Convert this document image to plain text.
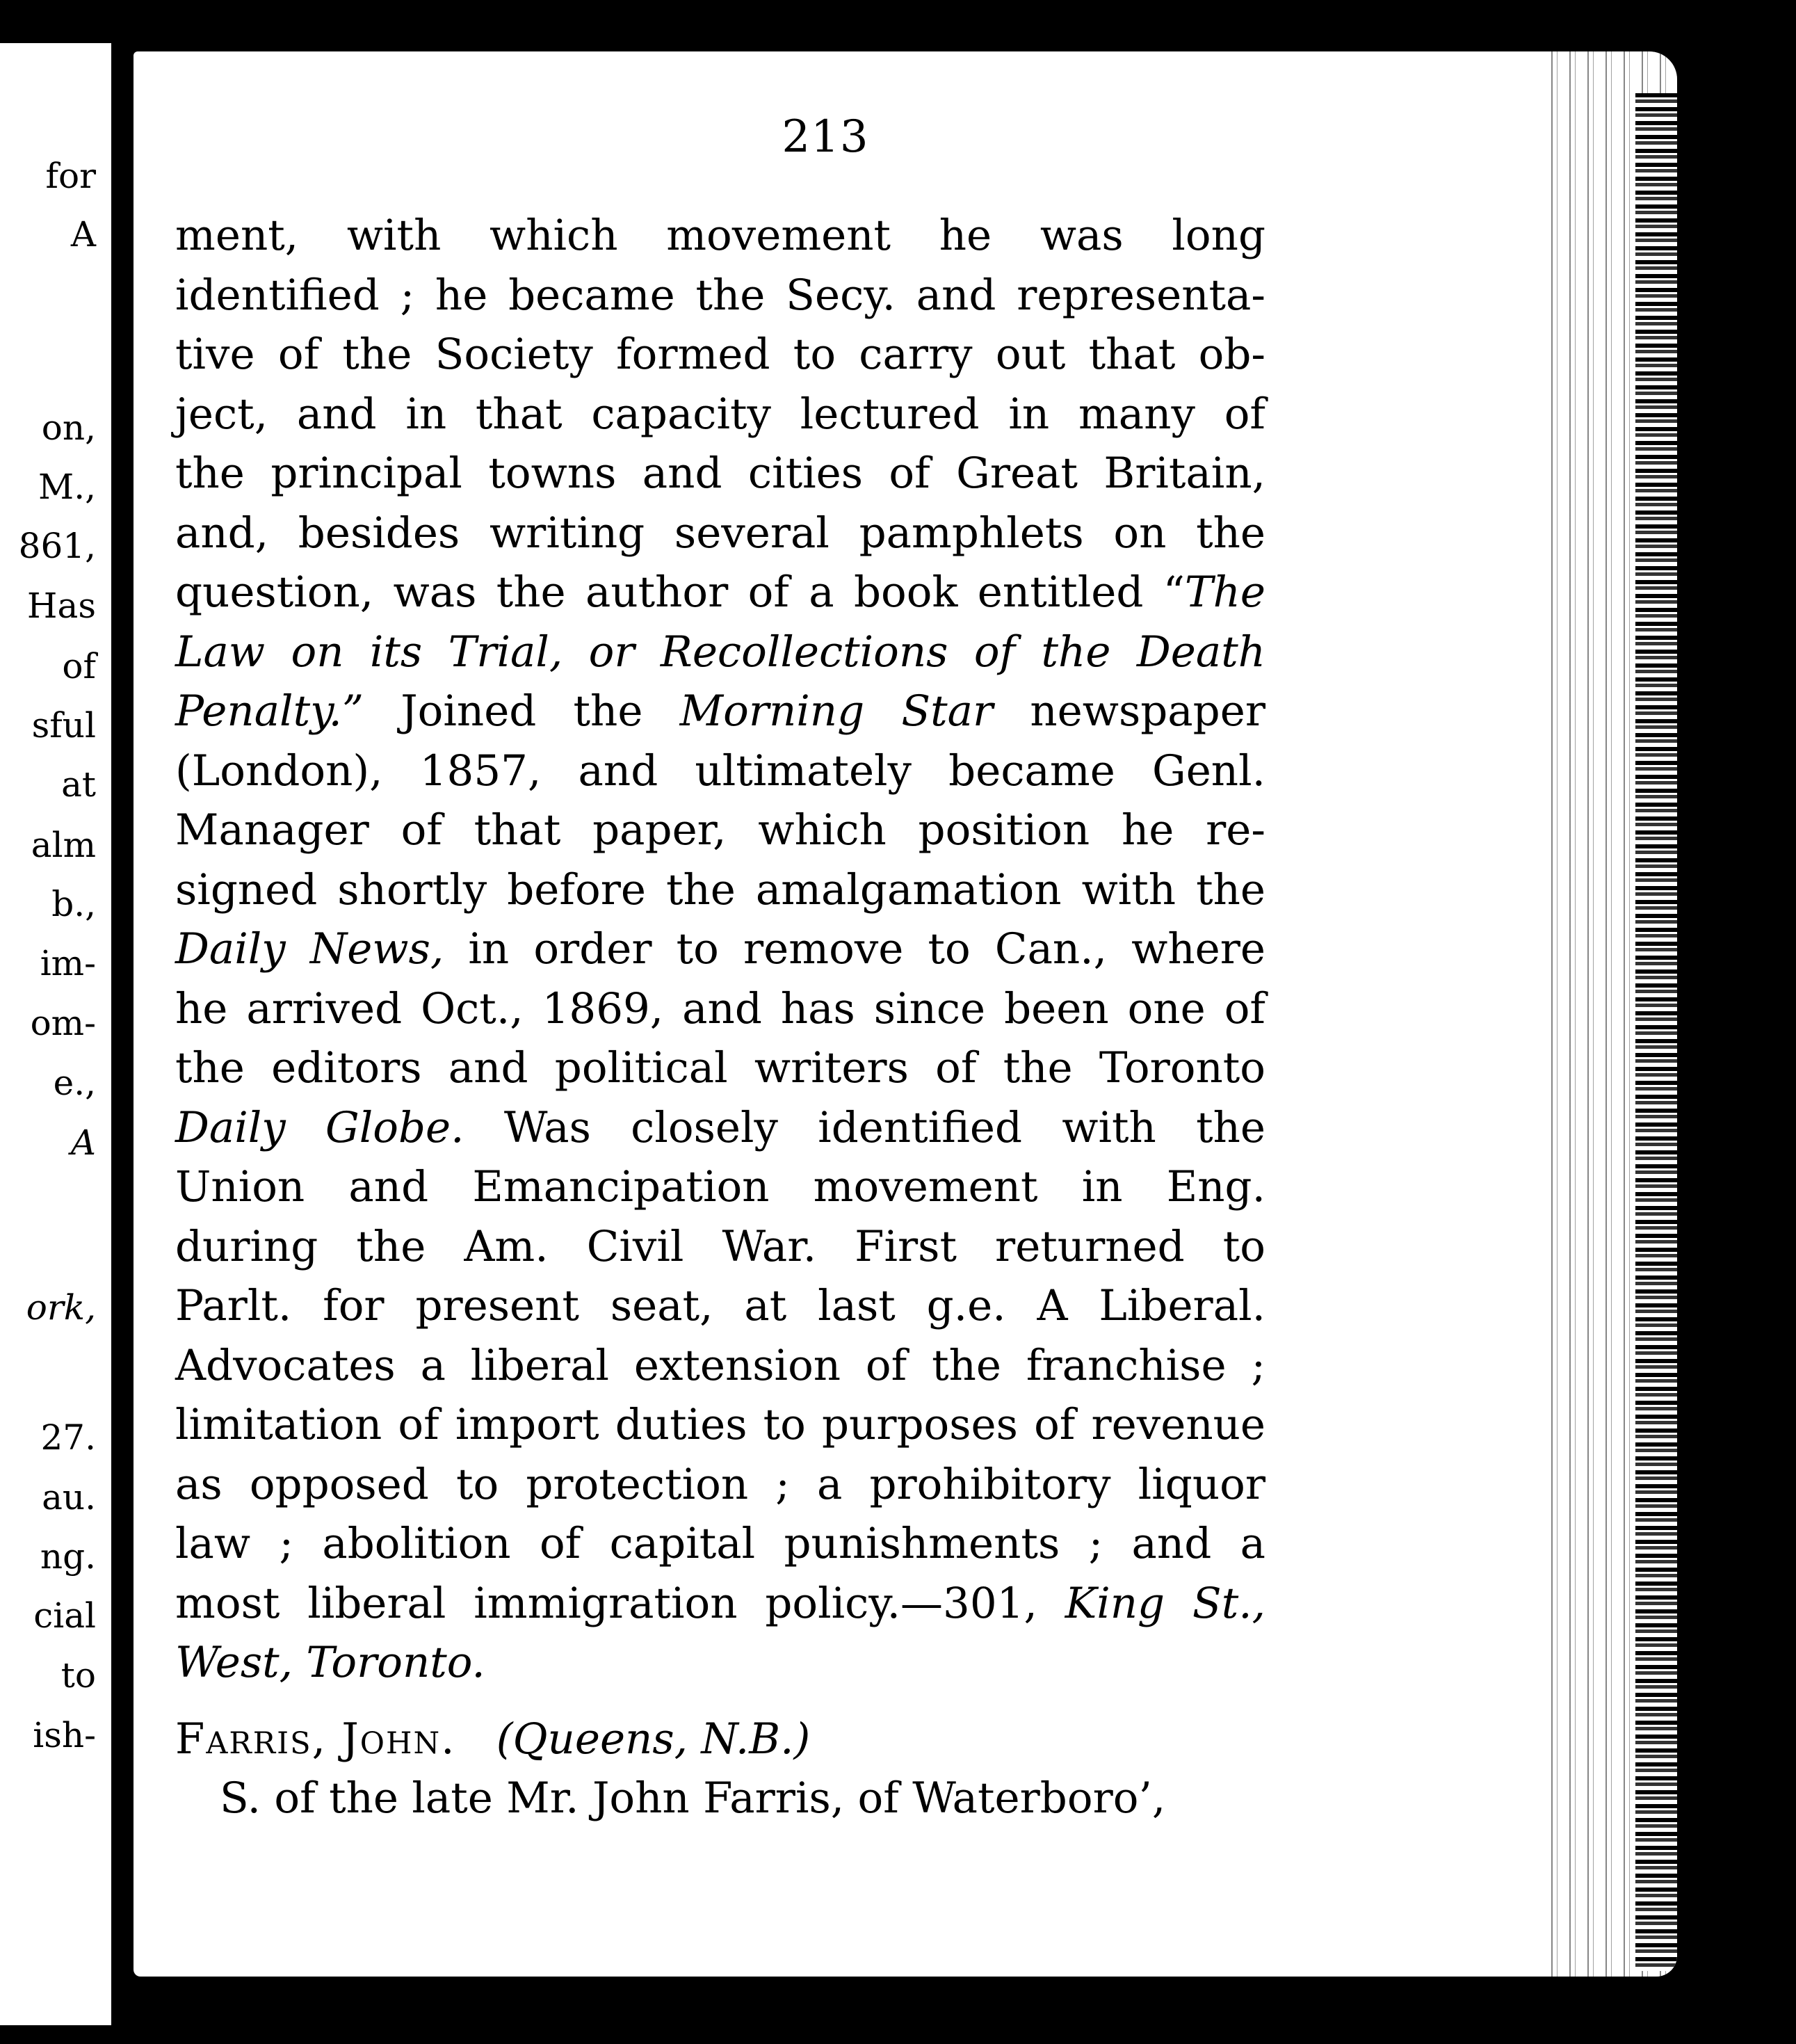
for
A
on,
M.,
861,
Has
of
sful
at
alm
b.,
im-
om-
e.,
A
ork,
27.
au.
ng.
cial
to
ish-
213
ment, with which movement he was long
identified ; he became the Secy. and representa-
tive of the Society formed to carry out that ob-
ject, and in that capacity lectured in many of
the principal towns and cities of Great Britain,
and, besides writing several pamphlets on the
question, was the author of a book entitled “The
Law on its Trial, or Recollections of the Death
Penalty.” Joined the Morning Star newspaper
(London), 1857, and ultimately became Genl.
Manager of that paper, which position he re-
signed shortly before the amalgamation with the
Daily News, in order to remove to Can., where
he arrived Oct., 1869, and has since been one of
the editors and political writers of the Toronto
Daily Globe. Was closely identified with the
Union and Emancipation movement in Eng.
during the Am. Civil War. First returned to
Parlt. for present seat, at last g.e. A Liberal.
Advocates a liberal extension of the franchise ;
limitation of import duties to purposes of revenue
as opposed to protection ; a prohibitory liquor
law ; abolition of capital punishments ; and a
most liberal immigration policy.—301, King St.,
West, Toronto.
Farris, John. (Queens, N.B.)
S. of the late Mr. John Farris, of Waterboro’,
